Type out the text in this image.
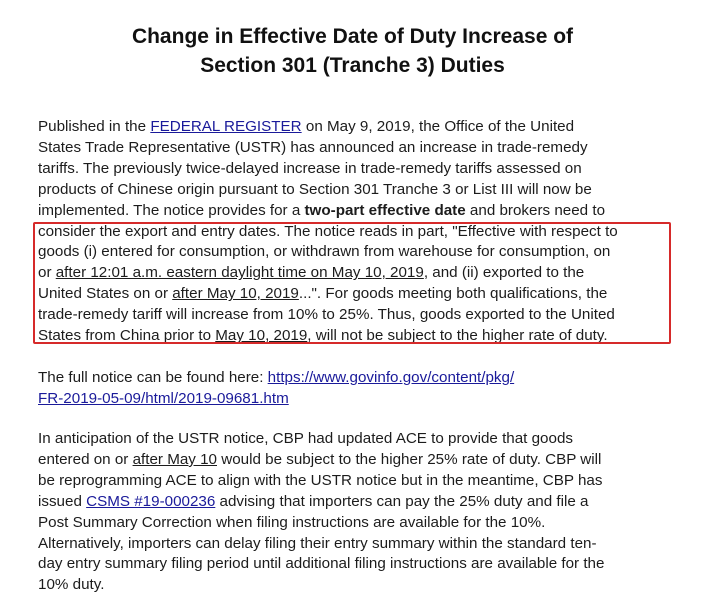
Change in Effective Date of Duty Increase of
Section 301 (Tranche 3) Duties
Published in the FEDERAL REGISTER on May 9, 2019, the Office of the United
States Trade Representative (USTR) has announced an increase in trade-remedy
tariffs. The previously twice-delayed increase in trade-remedy tariffs assessed on
products of Chinese origin pursuant to Section 301 Tranche 3 or List III will now be
implemented. The notice provides for a two-part effective date and brokers need to
consider the export and entry dates. The notice reads in part, "Effective with respect to
goods (i) entered for consumption, or withdrawn from warehouse for consumption, on
or after 12:01 a.m. eastern daylight time on May 10, 2019, and (ii) exported to the
United States on or after May 10, 2019...". For goods meeting both qualifications, the
trade-remedy tariff will increase from 10% to 25%. Thus, goods exported to the United
States from China prior to May 10, 2019, will not be subject to the higher rate of duty.
The full notice can be found here: https://www.govinfo.gov/content/pkg/
FR-2019-05-09/html/2019-09681.htm
In anticipation of the USTR notice, CBP had updated ACE to provide that goods
entered on or after May 10 would be subject to the higher 25% rate of duty. CBP will
be reprogramming ACE to align with the USTR notice but in the meantime, CBP has
issued CSMS #19-000236 advising that importers can pay the 25% duty and file a
Post Summary Correction when filing instructions are available for the 10%.
Alternatively, importers can delay filing their entry summary within the standard ten-
day entry summary filing period until additional filing instructions are available for the
10% duty.
